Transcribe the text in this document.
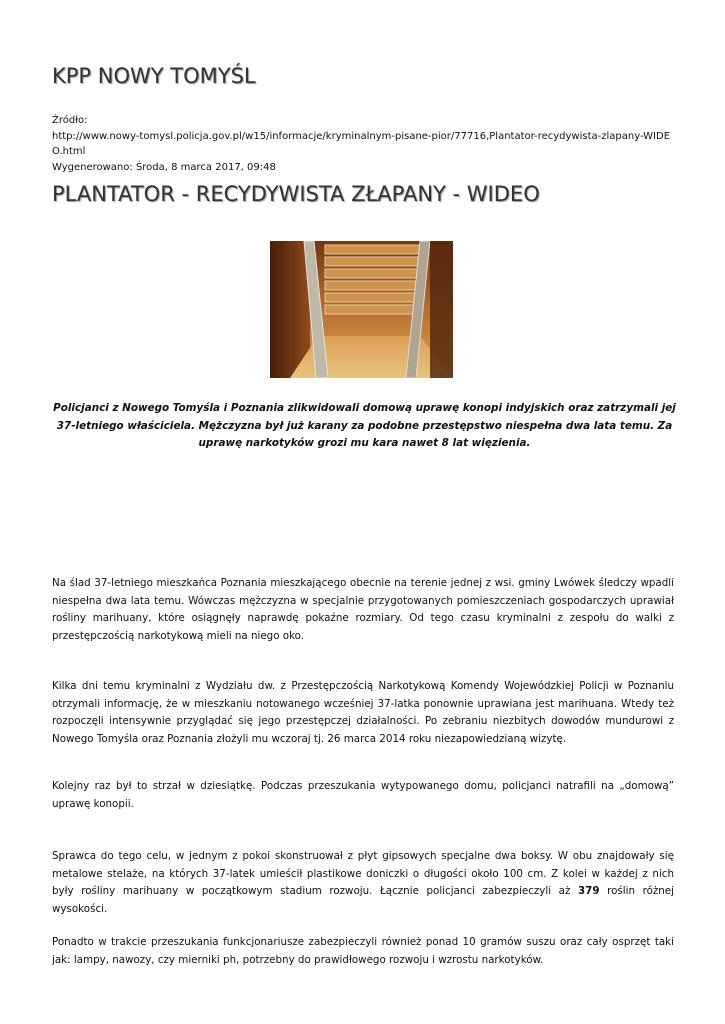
KPP NOWY TOMYŚL
Źródło:
http://www.nowy-tomysl.policja.gov.pl/w15/informacje/kryminalnym-pisane-pior/77716,Plantator-recydywista-zlapany-WIDEO.html
Wygenerowano: Środa, 8 marca 2017, 09:48
PLANTATOR - RECYDYWISTA ZŁAPANY - WIDEO
Policjanci z Nowego Tomyśla i Poznania zlikwidowali domową uprawę konopi indyjskich oraz zatrzymali jej 37-letniego właściciela. Mężczyzna był już karany za podobne przestępstwo niespełna dwa lata temu. Za uprawę narkotyków grozi mu kara nawet 8 lat więzienia.

Na ślad 37-letniego mieszkańca Poznania mieszkającego obecnie na terenie jednej z wsi. gminy Lwówek śledczy wpadli niespełna dwa lata temu. Wówczas mężczyzna w specjalnie przygotowanych pomieszczeniach gospodarczych uprawiał rośliny marihuany, które osiągnęły naprawdę pokaźne rozmiary. Od tego czasu kryminalni z zespołu do walki z przestępczością narkotykową mieli na niego oko.

Kilka dni temu kryminalni z Wydziału dw. z Przestępczością Narkotykową Komendy Wojewódzkiej Policji w Poznaniu otrzymali informację, że w mieszkaniu notowanego wcześniej 37-latka ponownie uprawiana jest marihuana. Wtedy też rozpoczęli intensywnie przyglądać się jego przestępczej działalności. Po zebraniu niezbitych dowodów mundurowi z Nowego Tomyśla oraz Poznania złożyli mu wczoraj tj. 26 marca 2014 roku niezapowiedzianą wizytę.

Kolejny raz był to strzał w dziesiątkę. Podczas przeszukania wytypowanego domu, policjanci natrafili na „domową” uprawę konopii.

Sprawca do tego celu, w jednym z pokoi skonstruował z płyt gipsowych specjalne dwa boksy. W obu znajdowały się metalowe stelaże, na których 37-latek umieścił plastikowe doniczki o długości około 100 cm. Z kolei w każdej z nich były rośliny marihuany w początkowym stadium rozwoju. Łącznie policjanci zabezpieczyli aż 379 roślin różnej wysokości.

Ponadto w trakcie przeszukania funkcjonariusze zabezpieczyli również ponad 10 gramów suszu oraz cały osprzęt taki jak: lampy, nawozy, czy mierniki ph, potrzebny do prawidłowego rozwoju i wzrostu narkotyków.
